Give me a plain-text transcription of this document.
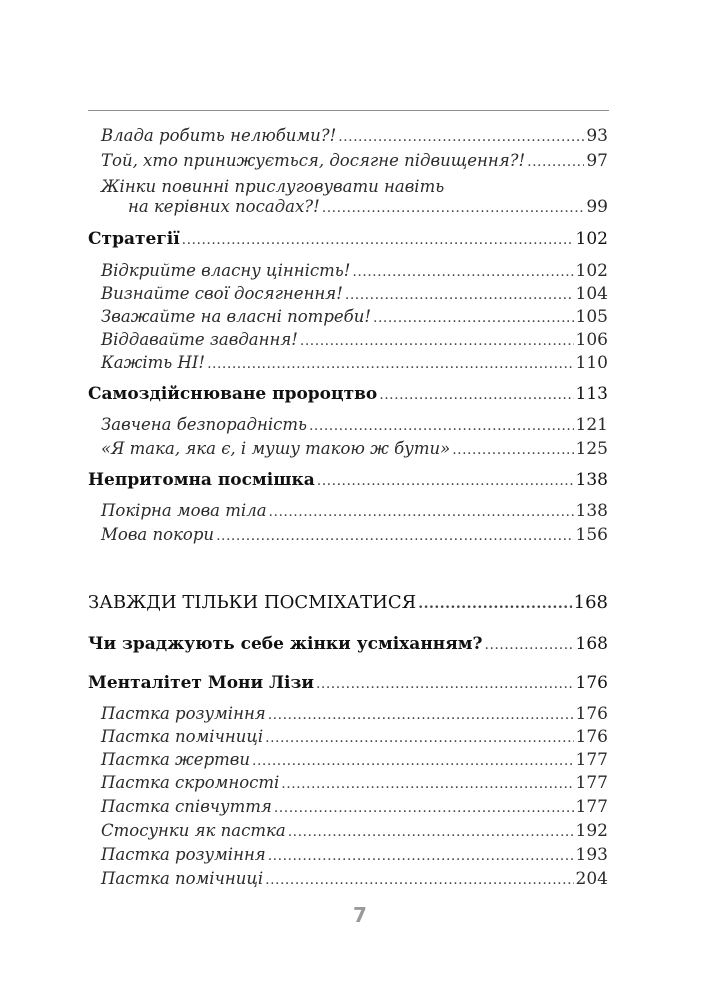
Влада робить нелюбими?! .....	93
Той, хто принижується, досягне підвищення?! .....	97
Жінки повинні прислуговувати навіть
на керівних посадах?! .....	99
Стратегії .....	102
Відкрийте власну цінність! .....	102
Визнайте свої досягнення! .....	104
Зважайте на власні потреби! .....	105
Віддавайте завдання! .....	106
Кажіть НІ! .....	110
Самоздійснюване пророцтво .....	113
Завчена безпорадність .....	121
«Я така, яка є, і мушу такою ж бути» .....	125
Непритомна посмішка .....	138
Покірна мова тіла .....	138
Мова покори .....	156
ЗАВЖДИ ТІЛЬКИ ПОСМІХАТИСЯ .....	168
Чи зраджують себе жінки усміханням? .....	168
Менталітет Мони Лізи .....	176
Пастка розуміння .....	176
Пастка помічниці .....	176
Пастка жертви .....	177
Пастка скромності .....	177
Пастка співчуття .....	177
Стосунки як пастка .....	192
Пастка розуміння .....	193
Пастка помічниці .....	204
7
